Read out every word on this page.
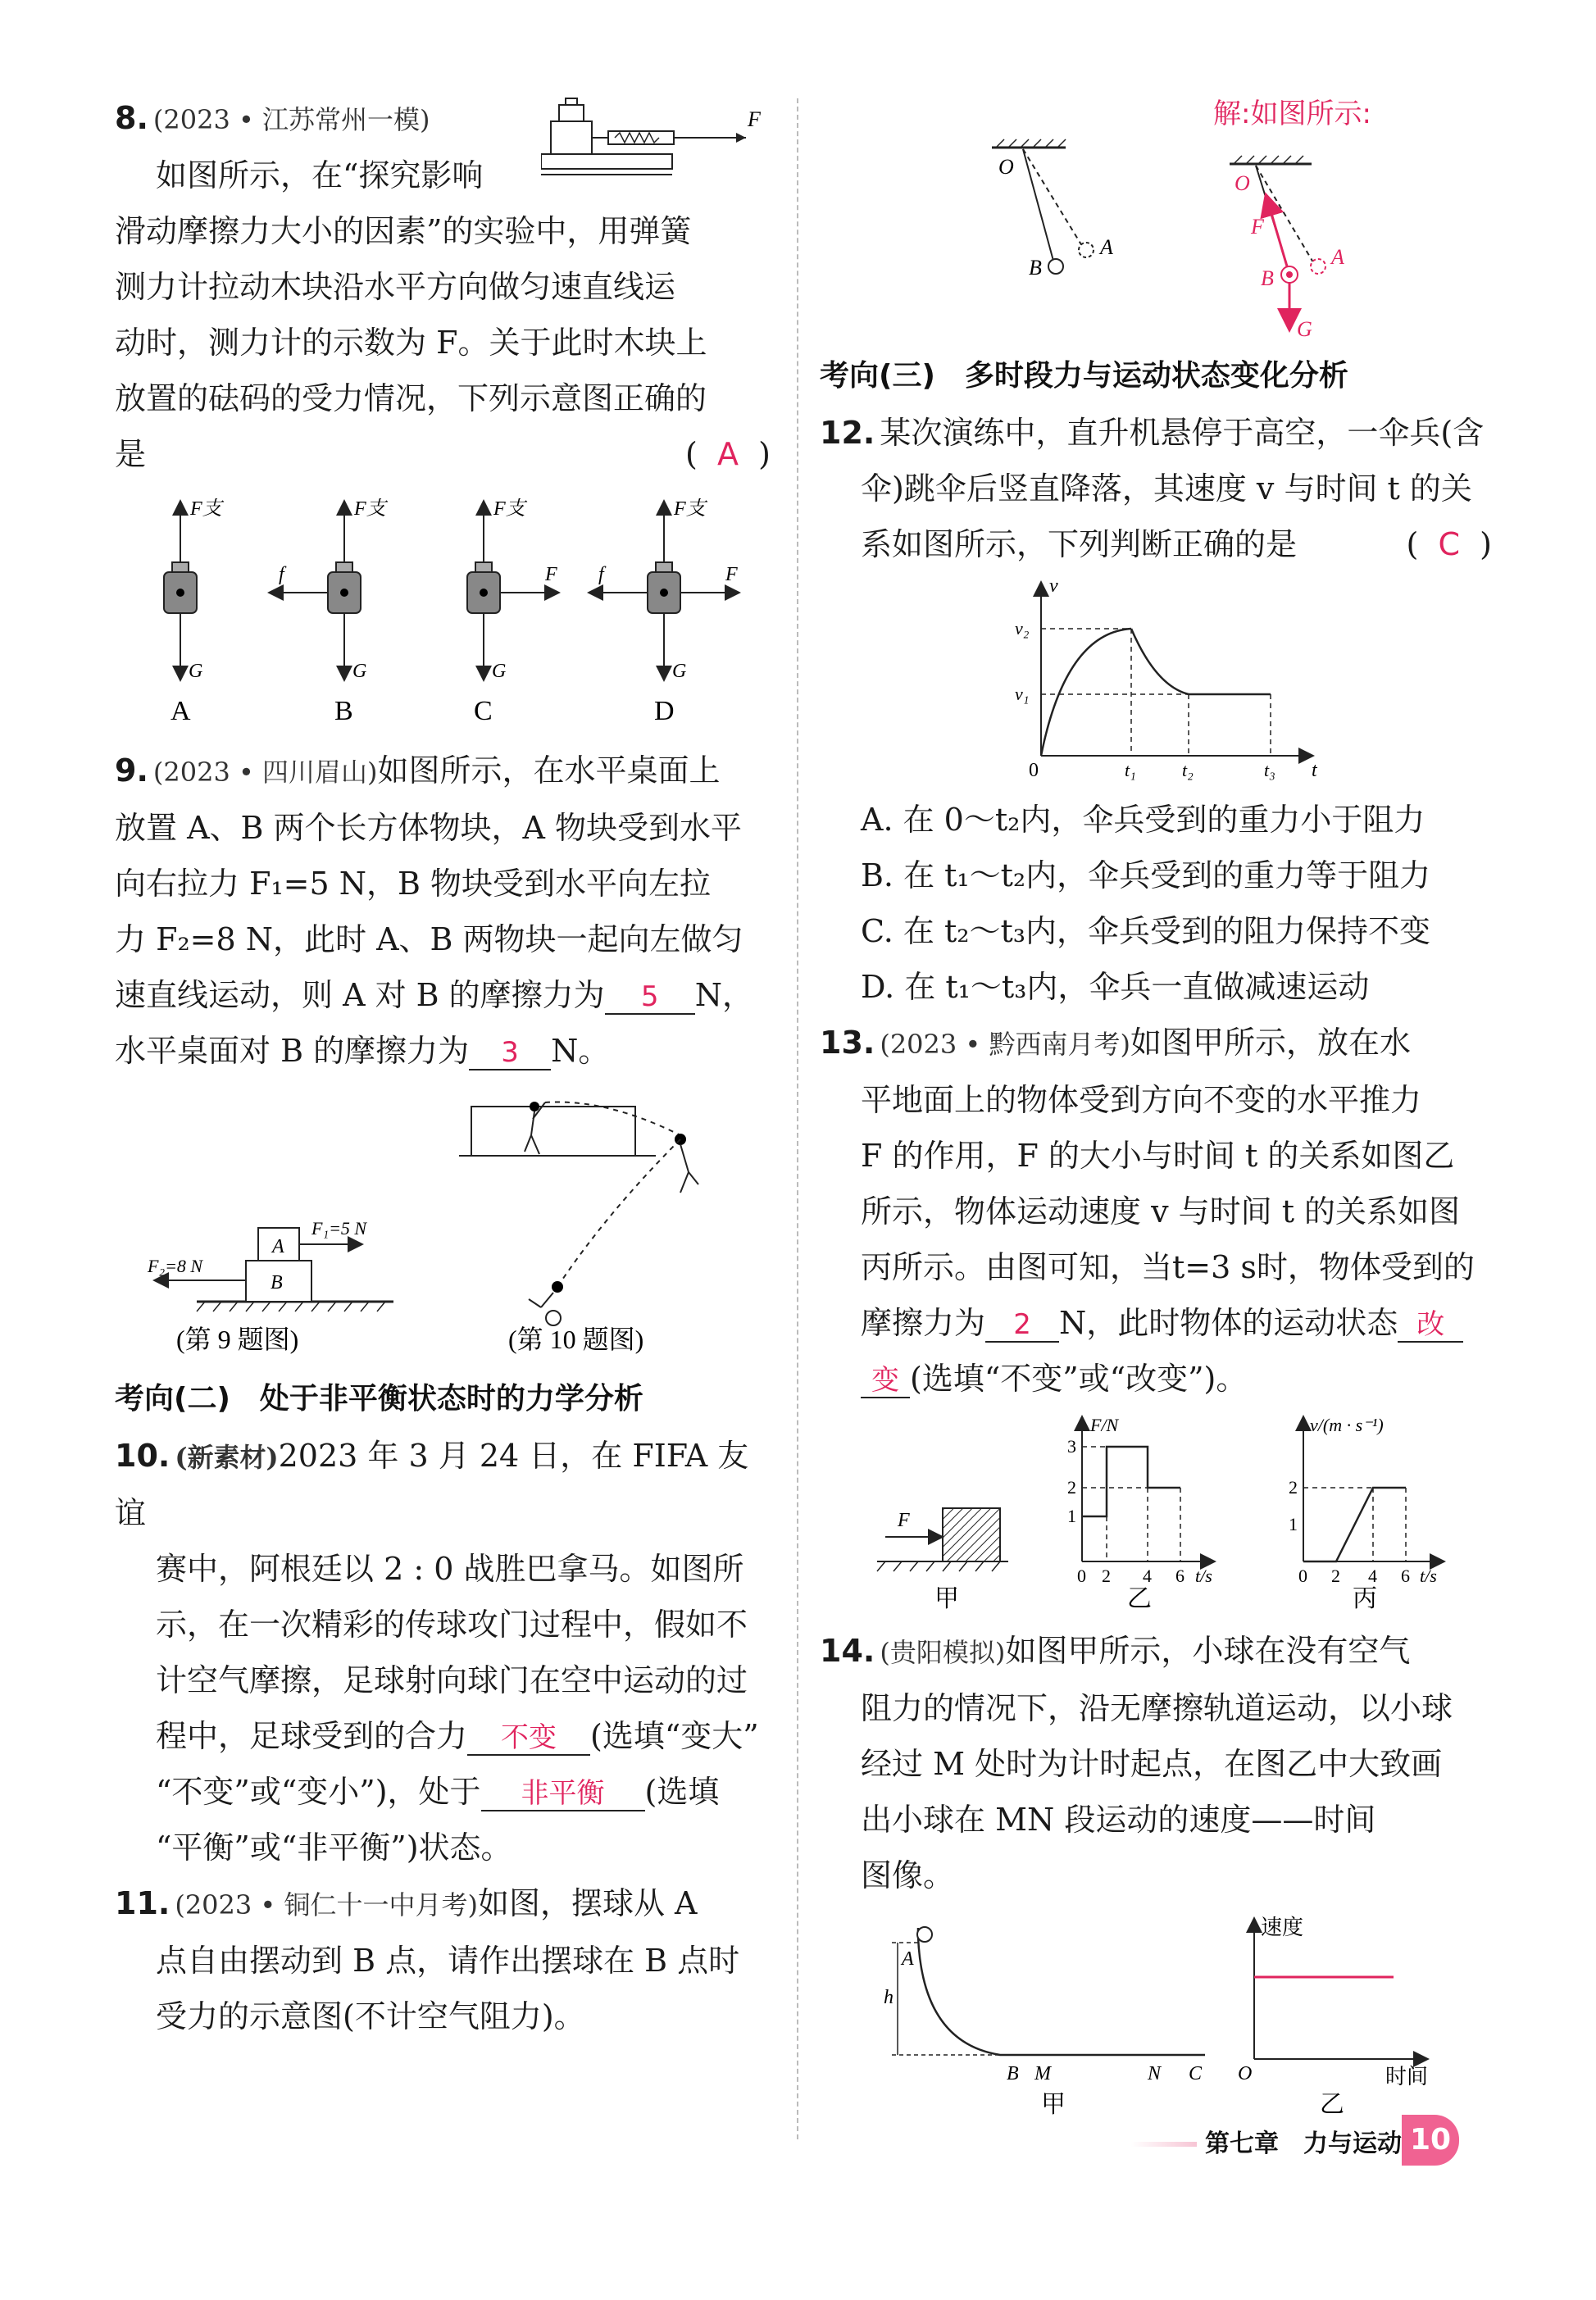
8. (2023 • 江苏常州一模)	F

如图所示，在“探究影响

滑动摩擦力大小的因素”的实验中，用弹簧

测力计拉动木块沿水平方向做匀速直线运

动时，测力计的示数为 F。关于此时木块上

放置的砝码的受力情况，下列示意图正确的

是	( A )

F支
G
A
F支
G
f
B
F支
G
F
C
F支
G
f	F
D

9. (2023 • 四川眉山)如图所示，在水平桌面上

放置 A、B 两个长方体物块，A 物块受到水平

向右拉力 F₁=5 N，B 物块受到水平向左拉

力 F₂=8 N，此时 A、B 两物块一起向左做匀

速直线运动，则 A 对 B 的摩擦力为 5 N，

水平桌面对 B 的摩擦力为 3 N。

A
B
F₁=5 N
F₂=8 N
(第 9 题图)	(第 10 题图)

考向(二)　处于非平衡状态时的力学分析

10. (新素材)2023 年 3 月 24 日，在 FIFA 友谊

赛中，阿根廷以 2 : 0 战胜巴拿马。如图所

示，在一次精彩的传球攻门过程中，假如不

计空气摩擦，足球射向球门在空中运动的过

程中，足球受到的合力 不变 (选填“变大”

“不变”或“变小”)，处于 非平衡 (选填

“平衡”或“非平衡”)状态。

11. (2023 • 铜仁十一中月考)如图，摆球从 A

点自由摆动到 B 点，请作出摆球在 B 点时

受力的示意图(不计空气阻力)。

O
A
B
解:如图所示:
O
A
B
F
G

考向(三)　多时段力与运动状态变化分析

12. 某次演练中，直升机悬停于高空，一伞兵(含

伞)跳伞后竖直降落，其速度 v 与时间 t 的关

系如图所示，下列判断正确的是	( C )

v
t
0
v₂
v₁
t₁	t₂	t₃

A. 在 0～t₂内，伞兵受到的重力小于阻力

B. 在 t₁～t₂内，伞兵受到的重力等于阻力

C. 在 t₂～t₃内，伞兵受到的阻力保持不变

D. 在 t₁～t₃内，伞兵一直做减速运动

13. (2023 • 黔西南月考)如图甲所示，放在水

平地面上的物体受到方向不变的水平推力

F 的作用，F 的大小与时间 t 的关系如图乙

所示，物体运动速度 v 与时间 t 的关系如图

丙所示。由图可知，当t=3 s时，物体受到的

摩擦力为 2 N，此时物体的运动状态 改

变 (选填“不变”或“改变”)。

F
甲
F/N
3
2
1
0 2 4 6 t/s
乙
v/(m · s⁻¹)
2
1
0 2 4 6 t/s
丙

14. (贵阳模拟)如图甲所示，小球在没有空气

阻力的情况下，沿无摩擦轨道运动，以小球

经过 M 处时为计时起点，在图乙中大致画

出小球在 MN 段运动的速度——时间

图像。

A
h
B M	N C
甲
速度
O	时间
乙
第七章　力与运动 10
